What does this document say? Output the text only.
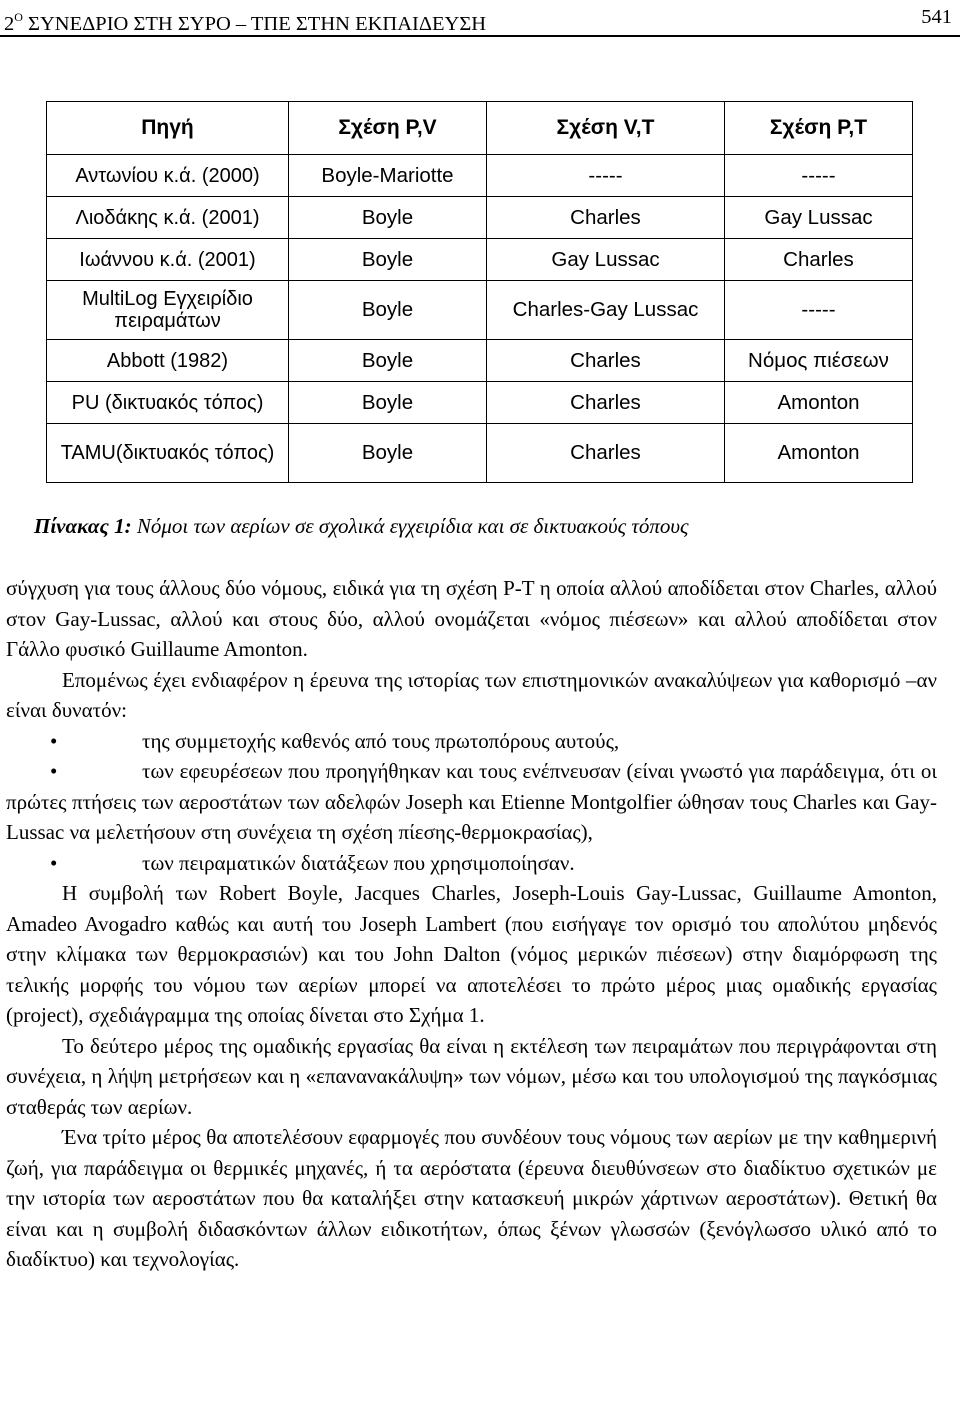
$2^O$ ΣΥΝΕΔΡΙΟ ΣΤΗ ΣΥΡΟ – ΤΠΕ ΣΤΗΝ ΕΚΠΑΙΔΕΥΣΗ	541
Πηγή	Σχέση P,V	Σχέση V,T	Σχέση P,T
Αντωνίου κ.ά. (2000)	Boyle-Mariotte	-----	-----
Λιοδάκης κ.ά. (2001)	Boyle	Charles	Gay Lussac
Ιωάννου κ.ά. (2001)	Boyle	Gay Lussac	Charles
MultiLog Εγχειρίδιο πειραμάτων	Boyle	Charles-Gay Lussac	-----
Abbott (1982)	Boyle	Charles	Νόμος πιέσεων
PU (δικτυακός τόπος)	Boyle	Charles	Amonton
TAMU(δικτυακός τόπος)	Boyle	Charles	Amonton
Πίνακας 1: Νόμοι των αερίων σε σχολικά εγχειρίδια και σε δικτυακούς τόπους

σύγχυση για τους άλλους δύο νόμους, ειδικά για τη σχέση P-T η οποία αλλού αποδίδεται στον Charles, αλλού στον Gay-Lussac, αλλού και στους δύο, αλλού ονομάζεται «νόμος πιέσεων» και αλλού αποδίδεται στον Γάλλο φυσικό Guillaume Amonton.

Επομένως έχει ενδιαφέρον η έρευνα της ιστορίας των επιστημονικών ανακαλύψεων για καθορισμό –αν είναι δυνατόν:

•	της συμμετοχής καθενός από τους πρωτοπόρους αυτούς,

•	των εφευρέσεων που προηγήθηκαν και τους ενέπνευσαν (είναι γνωστό για παράδειγμα, ότι οι πρώτες πτήσεις των αεροστάτων των αδελφών Joseph και Etienne Montgolfier ώθησαν τους Charles και Gay-Lussac να μελετήσουν στη συνέχεια τη σχέση πίεσης-θερμοκρασίας),

•	των πειραματικών διατάξεων που χρησιμοποίησαν.

Η συμβολή των Robert Boyle, Jacques Charles, Joseph-Louis Gay-Lussac, Guillaume Amonton, Amadeo Avogadro καθώς και αυτή του Joseph Lambert (που εισήγαγε τον ορισμό του απολύτου μηδενός στην κλίμακα των θερμοκρασιών) και του John Dalton (νόμος μερικών πιέσεων) στην διαμόρφωση της τελικής μορφής του νόμου των αερίων μπορεί να αποτελέσει το πρώτο μέρος μιας ομαδικής εργασίας (project), σχεδιάγραμμα της οποίας δίνεται στο Σχήμα 1.

Το δεύτερο μέρος της ομαδικής εργασίας θα είναι η εκτέλεση των πειραμάτων που περιγράφονται στη συνέχεια, η λήψη μετρήσεων και η «επανανακάλυψη» των νόμων, μέσω και του υπολογισμού της παγκόσμιας σταθεράς των αερίων.

Ένα τρίτο μέρος θα αποτελέσουν εφαρμογές που συνδέουν τους νόμους των αερίων με την καθημερινή ζωή, για παράδειγμα οι θερμικές μηχανές, ή τα αερόστατα (έρευνα διευθύνσεων στο διαδίκτυο σχετικών με την ιστορία των αεροστάτων που θα καταλήξει στην κατασκευή μικρών χάρτινων αεροστάτων). Θετική θα είναι και η συμβολή διδασκόντων άλλων ειδικοτήτων, όπως ξένων γλωσσών (ξενόγλωσσο υλικό από το διαδίκτυο) και τεχνολογίας.
